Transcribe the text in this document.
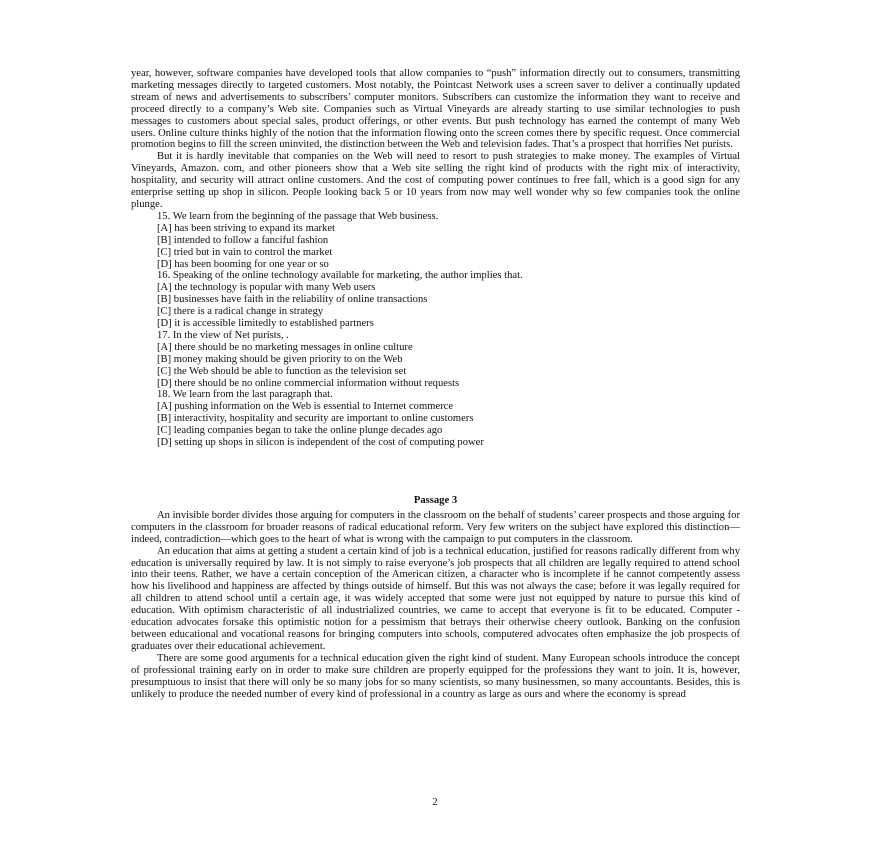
year, however, software companies have developed tools that allow companies to “push” information directly out to consumers, transmitting marketing messages directly to targeted customers. Most notably, the Pointcast Network uses a screen saver to deliver a continually updated stream of news and advertisements to subscribers’ computer monitors. Subscribers can customize the information they want to receive and proceed directly to a company’s Web site. Companies such as Virtual Vineyards are already starting to use similar technologies to push messages to customers about special sales, product offerings, or other events. But push technology has earned the contempt of many Web users. Online culture thinks highly of the notion that the information flowing onto the screen comes there by specific request. Once commercial promotion begins to fill the screen uninvited, the distinction between the Web and television fades. That’s a prospect that horrifies Net purists.

But it is hardly inevitable that companies on the Web will need to resort to push strategies to make money. The examples of Virtual Vineyards, Amazon. com, and other pioneers show that a Web site selling the right kind of products with the right mix of interactivity, hospitality, and security will attract online customers. And the cost of computing power continues to free fall, which is a good sign for any enterprise setting up shop in silicon. People looking back 5 or 10 years from now may well wonder why so few companies took the online plunge.

15. We learn from the beginning of the passage that Web business.

[A] has been striving to expand its market

[B] intended to follow a fanciful fashion

[C] tried but in vain to control the market

[D] has been booming for one year or so

16. Speaking of the online technology available for marketing, the author implies that.

[A] the technology is popular with many Web users

[B] businesses have faith in the reliability of online transactions

[C] there is a radical change in strategy

[D] it is accessible limitedly to established partners

17. In the view of Net purists, .

[A] there should be no marketing messages in online culture

[B] money making should be given priority to on the Web

[C] the Web should be able to function as the television set

[D] there should be no online commercial information without requests

18. We learn from the last paragraph that.

[A] pushing information on the Web is essential to Internet commerce

[B] interactivity, hospitality and security are important to online customers

[C] leading companies began to take the online plunge decades ago

[D] setting up shops in silicon is independent of the cost of computing power

Passage 3

An invisible border divides those arguing for computers in the classroom on the behalf of students’ career prospects and those arguing for computers in the classroom for broader reasons of radical educational reform. Very few writers on the subject have explored this distinction—indeed, contradiction—which goes to the heart of what is wrong with the campaign to put computers in the classroom.

An education that aims at getting a student a certain kind of job is a technical education, justified for reasons radically different from why education is universally required by law. It is not simply to raise everyone’s job prospects that all children are legally required to attend school into their teens. Rather, we have a certain conception of the American citizen, a character who is incomplete if he cannot competently assess how his livelihood and happiness are affected by things outside of himself. But this was not always the case; before it was legally required for all children to attend school until a certain age, it was widely accepted that some were just not equipped by nature to pursue this kind of education. With optimism characteristic of all industrialized countries, we came to accept that everyone is fit to be educated. Computer - education advocates forsake this optimistic notion for a pessimism that betrays their otherwise cheery outlook. Banking on the confusion between educational and vocational reasons for bringing computers into schools, computered advocates often emphasize the job prospects of graduates over their educational achievement.

There are some good arguments for a technical education given the right kind of student. Many European schools introduce the concept of professional training early on in order to make sure children are properly equipped for the professions they want to join. It is, however, presumptuous to insist that there will only be so many jobs for so many scientists, so many businessmen, so many accountants. Besides, this is unlikely to produce the needed number of every kind of professional in a country as large as ours and where the economy is spread

2
